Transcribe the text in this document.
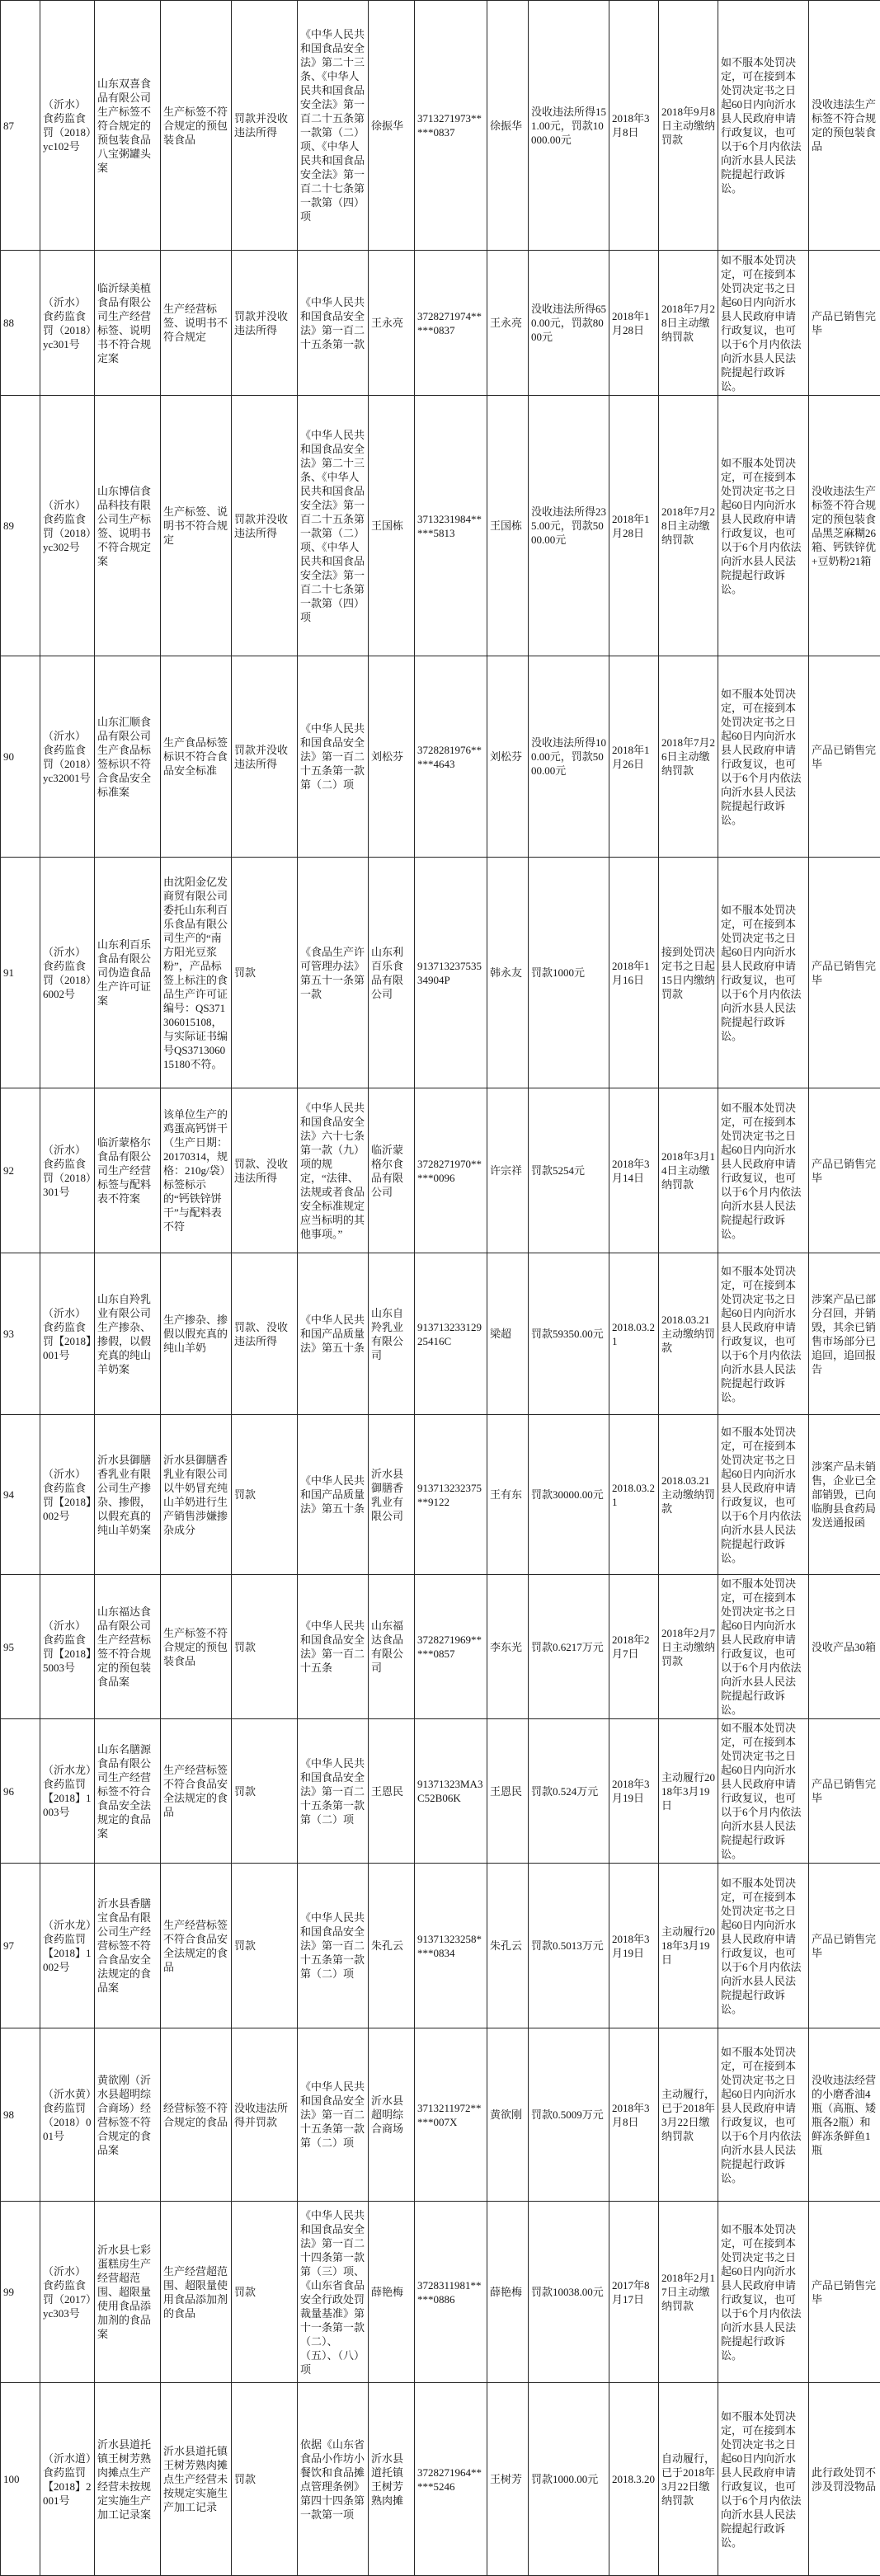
87	（沂水）食药监食罚（2018）yc102号	山东双喜食品有限公司生产标签不符合规定的预包装食品八宝粥罐头案	生产标签不符合规定的预包装食品	罚款并没收违法所得	《中华人民共和国食品安全法》第二十三条、《中华人民共和国食品安全法》第一百二十五条第一款第（二）项、《中华人民共和国食品安全法》第一百二十七条第一款第（四）项	徐振华	3713271973*****0837	徐振华	没收违法所得151.00元，罚款10000.00元	2018年3月8日	2018年9月8日主动缴纳罚款	如不服本处罚决定，可在接到本处罚决定书之日起60日内向沂水县人民政府申请行政复议，也可以于6个月内依法向沂水县人民法院提起行政诉讼。	没收违法生产标签不符合规定的预包装食品
88	（沂水）食药监食罚（2018）yc301号	临沂绿美植食品有限公司生产经营标签、说明书不符合规定案	生产经营标签、说明书不符合规定	罚款并没收违法所得	《中华人民共和国食品安全法》第一百二十五条第一款	王永亮	3728271974*****0837	王永亮	没收违法所得650.00元，罚款8000元	2018年1月28日	2018年7月28日主动缴纳罚款	如不服本处罚决定，可在接到本处罚决定书之日起60日内向沂水县人民政府申请行政复议，也可以于6个月内依法向沂水县人民法院提起行政诉讼。	产品已销售完毕
89	（沂水）食药监食罚（2018）yc302号	山东博信食品科技有限公司生产标签、说明书不符合规定案	生产标签、说明书不符合规定	罚款并没收违法所得	《中华人民共和国食品安全法》第二十三条、《中华人民共和国食品安全法》第一百二十五条第一款第（二）项、《中华人民共和国食品安全法》第一百二十七条第一款第（四）项	王国栋	3713231984*****5813	王国栋	没收违法所得235.00元，罚款5000.00元	2018年1月28日	2018年7月28日主动缴纳罚款	如不服本处罚决定，可在接到本处罚决定书之日起60日内向沂水县人民政府申请行政复议，也可以于6个月内依法向沂水县人民法院提起行政诉讼。	没收违法生产标签不符合规定的预包装食品黑芝麻糊26箱、钙铁锌优+豆奶粉21箱
90	（沂水）食药监食罚（2018）yc32001号	山东汇顺食品有限公司生产食品标签标识不符合食品安全标准案	生产食品标签标识不符合食品安全标准	罚款并没收违法所得	《中华人民共和国食品安全法》第一百二十五条第一款第（二）项	刘松芬	3728281976*****4643	刘松芬	没收违法所得100.00元，罚款5000.00元	2018年1月26日	2018年7月26日主动缴纳罚款	如不服本处罚决定，可在接到本处罚决定书之日起60日内向沂水县人民政府申请行政复议，也可以于6个月内依法向沂水县人民法院提起行政诉讼。	产品已销售完毕
91	（沂水）食药监食罚（2018）6002号	山东利百乐食品有限公司伪造食品生产许可证案	由沈阳金亿发商贸有限公司委托山东利百乐食品有限公司生产的“南方阳光豆浆粉”，产品标签上标注的食品生产许可证编号：QS371306015108，与实际证书编号QS371306015180不符。	罚款	《食品生产许可管理办法》第五十一条第一款	山东利百乐食品有限公司	91371323753534904P	韩永友	罚款1000元	2018年1月16日	接到处罚决定书之日起15日内缴纳罚款	如不服本处罚决定，可在接到本处罚决定书之日起60日内向沂水县人民政府申请行政复议，也可以于6个月内依法向沂水县人民法院提起行政诉讼。	产品已销售完毕
92	（沂水）食药监食罚（2018）301号	临沂蒙格尔食品有限公司生产经营标签与配料表不符案	该单位生产的鸡蛋高钙饼干（生产日期：20170314，规格：210g/袋）标签标示的“钙铁锌饼干”与配料表不符	罚款、没收违法所得	《中华人民共和国食品安全法》六十七条第一款（九）项的规定，“法律、法规或者食品安全标准规定应当标明的其他事项。”	临沂蒙格尔食品有限公司	3728271970*****0096	许宗祥	罚款5254元	2018年3月14日	2018年3月14日主动缴纳罚款	如不服本处罚决定，可在接到本处罚决定书之日起60日内向沂水县人民政府申请行政复议，也可以于6个月内依法向沂水县人民法院提起行政诉讼。	产品已销售完毕
93	（沂水）食药监食罚【2018】001号	山东自羚乳业有限公司生产掺杂、掺假，以假充真的纯山羊奶案	生产掺杂、掺假以假充真的纯山羊奶	罚款、没收违法所得	《中华人民共和国产品质量法》第五十条	山东自羚乳业有限公司	91371323312925416C	梁超	罚款59350.00元	2018.03.21	2018.03.21主动缴纳罚款	如不服本处罚决定，可在接到本处罚决定书之日起60日内向沂水县人民政府申请行政复议，也可以于6个月内依法向沂水县人民法院提起行政诉讼。	涉案产品已部分召回，并销毁，其余已销售市场部分已追回，追回报告
94	（沂水）食药监食罚【2018】002号	沂水县御膳香乳业有限公司生产掺杂、掺假，以假充真的纯山羊奶案	沂水县御膳香乳业有限公司以牛奶冒充纯山羊奶进行生产销售涉嫌掺杂成分	罚款	《中华人民共和国产品质量法》第五十条	沂水县御膳香乳业有限公司	913713232375**9122	王有东	罚款30000.00元	2018.03.21	2018.03.21主动缴纳罚款	如不服本处罚决定，可在接到本处罚决定书之日起60日内向沂水县人民政府申请行政复议，也可以于6个月内依法向沂水县人民法院提起行政诉讼。	涉案产品未销售，企业已全部销毁，已向临朐县食药局发送通报函
95	（沂水）食药监食罚【2018】5003号	山东福达食品有限公司生产经营标签不符合规定的预包装食品案	生产标签不符合规定的预包装食品	罚款	《中华人民共和国食品安全法》第一百二十五条	山东福达食品有限公司	3728271969*****0857	李东光	罚款0.6217万元	2018年2月7日	2018年2月7日主动缴纳罚款	如不服本处罚决定，可在接到本处罚决定书之日起60日内向沂水县人民政府申请行政复议，也可以于6个月内依法向沂水县人民法院提起行政诉讼。	没收产品30箱
96	（沂水龙）食药监罚【2018】1003号	山东名膳源食品有限公司生产经营标签不符合食品安全法规定的食品案	生产经营标签不符合食品安全法规定的食品	罚款	《中华人民共和国食品安全法》第一百二十五条第一款第（二）项	王恩民	91371323MA3C52B06K	王恩民	罚款0.524万元	2018年3月19日	主动履行2018年3月19日	如不服本处罚决定，可在接到本处罚决定书之日起60日内向沂水县人民政府申请行政复议，也可以于6个月内依法向沂水县人民法院提起行政诉讼。	产品已销售完毕
97	（沂水龙）食药监罚【2018】1002号	沂水县香膳宝食品有限公司生产经营标签不符合食品安全法规定的食品案	生产经营标签不符合食品安全法规定的食品	罚款	《中华人民共和国食品安全法》第一百二十五条第一款第（二）项	朱孔云	91371323258****0834	朱孔云	罚款0.5013万元	2018年3月19日	主动履行2018年3月19日	如不服本处罚决定，可在接到本处罚决定书之日起60日内向沂水县人民政府申请行政复议，也可以于6个月内依法向沂水县人民法院提起行政诉讼。	产品已销售完毕
98	（沂水黄）食药监罚（2018）001号	黄欲刚（沂水县超明综合商场）经营标签不符合规定的食品案	经营标签不符合规定的食品	没收违法所得并罚款	《中华人民共和国食品安全法》第一百二十五条第一款第（二）项	沂水县超明综合商场	3713211972*****007X	黄欲刚	罚款0.5009万元	2018年3月8日	主动履行，已于2018年3月22日缴纳罚款	如不服本处罚决定，可在接到本处罚决定书之日起60日内向沂水县人民政府申请行政复议，也可以于6个月内依法向沂水县人民法院提起行政诉讼。	没收违法经营的小磨香油4瓶（高瓶、矮瓶各2瓶）和鲜冻条鲜鱼1瓶
99	（沂水）食药监食罚（2017）yc303号	沂水县七彩蛋糕房生产经营超范围、超限量使用食品添加剂的食品案	生产经营超范围、超限量使用食品添加剂的食品	罚款	《中华人民共和国食品安全法》第一百二十四条第一款第（三）项、《山东省食品安全行政处罚裁量基准》第十一条第一款（二）、（五）、（八）项	薛艳梅	3728311981*****0886	薛艳梅	罚款10038.00元	2017年8月17日	2018年2月17日主动缴纳罚款	如不服本处罚决定，可在接到本处罚决定书之日起60日内向沂水县人民政府申请行政复议，也可以于6个月内依法向沂水县人民法院提起行政诉讼。	产品已销售完毕
100	（沂水道）食药监罚【2018】2001号	沂水县道托镇王树芳熟肉摊点生产经营未按规定实施生产加工记录案	沂水县道托镇王树芳熟肉摊点生产经营未按规定实施生产加工记录	罚款	依据《山东省食品小作坊小餐饮和食品摊点管理条例》第四十四条第一款第一项	沂水县道托镇王树芳熟肉摊	3728271964*****5246	王树芳	罚款1000.00元	2018.3.20	自动履行，已于2018年3月22日缴纳罚款	如不服本处罚决定，可在接到本处罚决定书之日起60日内向沂水县人民政府申请行政复议，也可以于6个月内依法向沂水县人民法院提起行政诉讼。	此行政处罚不涉及罚没物品
